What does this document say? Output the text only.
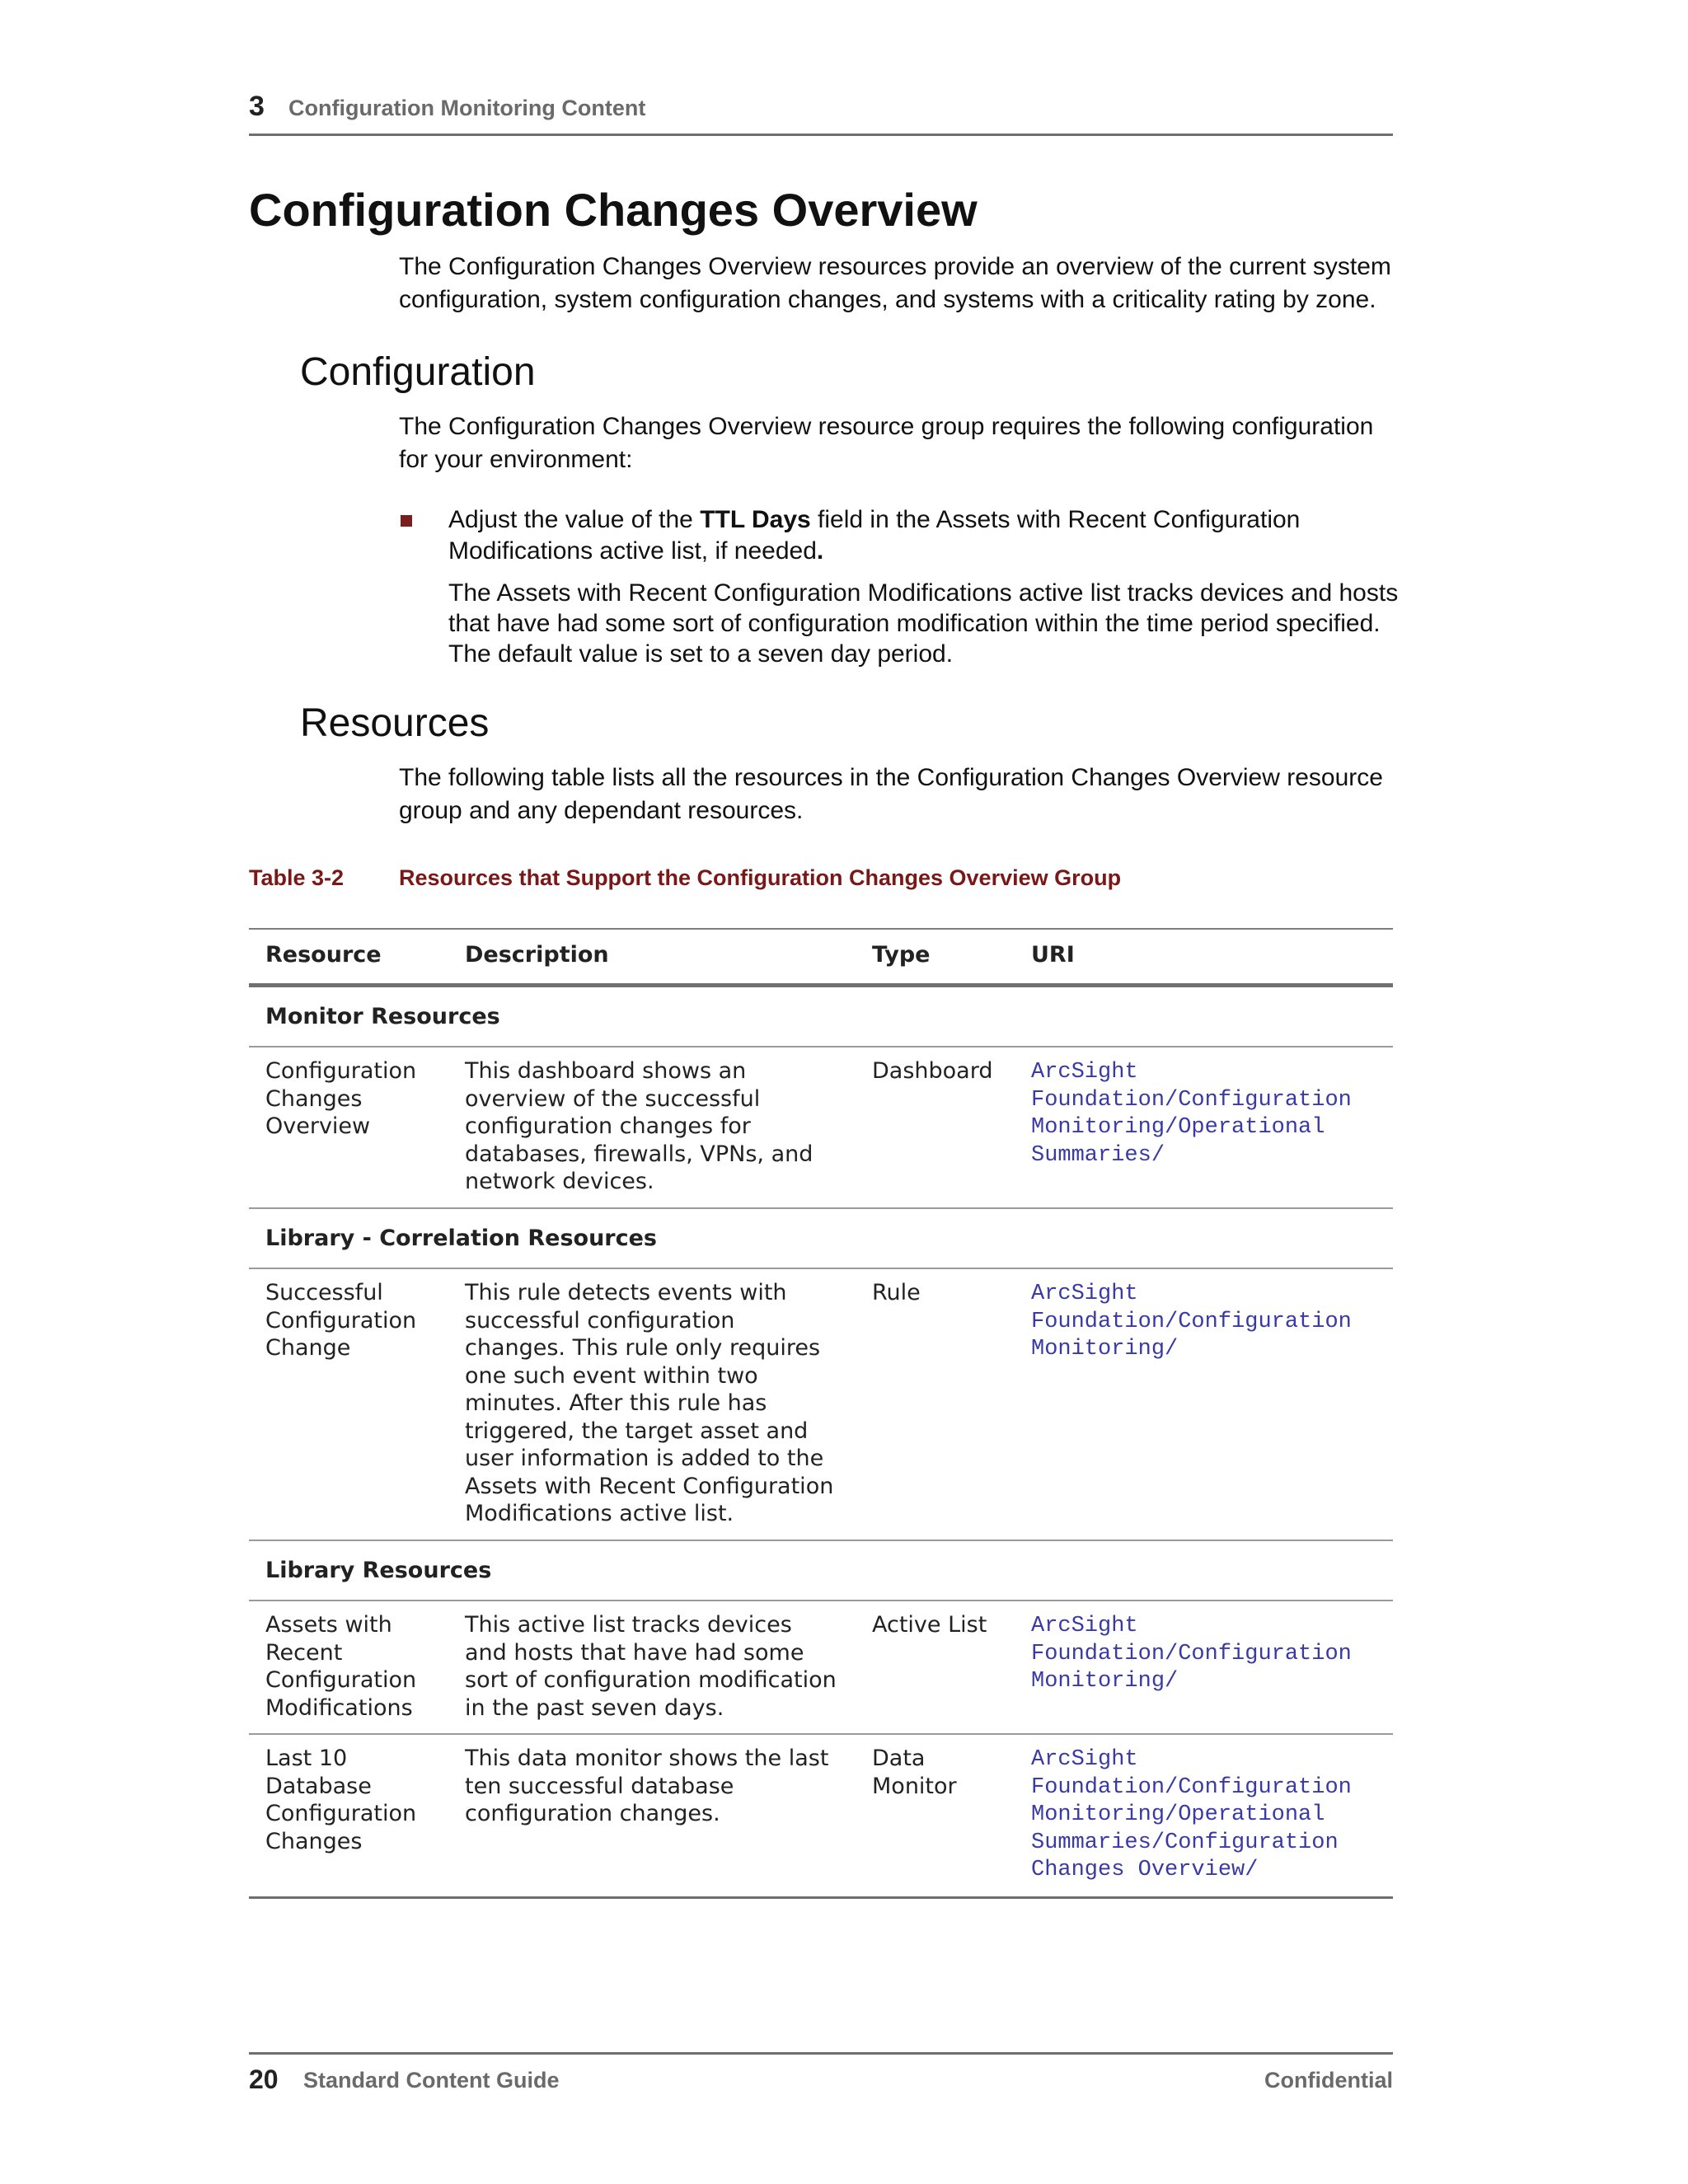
3 Configuration Monitoring Content
Configuration Changes Overview

The Configuration Changes Overview resources provide an overview of the current system configuration, system configuration changes, and systems with a criticality rating by zone.

Configuration

The Configuration Changes Overview resource group requires the following configuration for your environment:

Adjust the value of the TTL Days field in the Assets with Recent Configuration Modifications active list, if needed.
The Assets with Recent Configuration Modifications active list tracks devices and hosts that have had some sort of configuration modification within the time period specified. The default value is set to a seven day period.
Resources

The following table lists all the resources in the Configuration Changes Overview resource group and any dependant resources.

Table 3-2 Resources that Support the Configuration Changes Overview Group
Resource	Description	Type	URI
Monitor Resources			
Configuration Changes Overview	This dashboard shows an overview of the successful configuration changes for databases, firewalls, VPNs, and network devices.	Dashboard	ArcSight Foundation/Configuration Monitoring/Operational Summaries/
Library - Correlation Resources			
Successful Configuration Change	This rule detects events with successful configuration changes. This rule only requires one such event within two minutes. After this rule has triggered, the target asset and user information is added to the Assets with Recent Configuration Modifications active list.	Rule	ArcSight Foundation/Configuration Monitoring/
Library Resources			
Assets with Recent Configuration Modifications	This active list tracks devices and hosts that have had some sort of configuration modification in the past seven days.	Active List	ArcSight Foundation/Configuration Monitoring/
Last 10 Database Configuration Changes	This data monitor shows the last ten successful database configuration changes.	Data Monitor	ArcSight Foundation/Configuration Monitoring/Operational Summaries/Configuration Changes Overview/
20 Standard Content Guide	Confidential
